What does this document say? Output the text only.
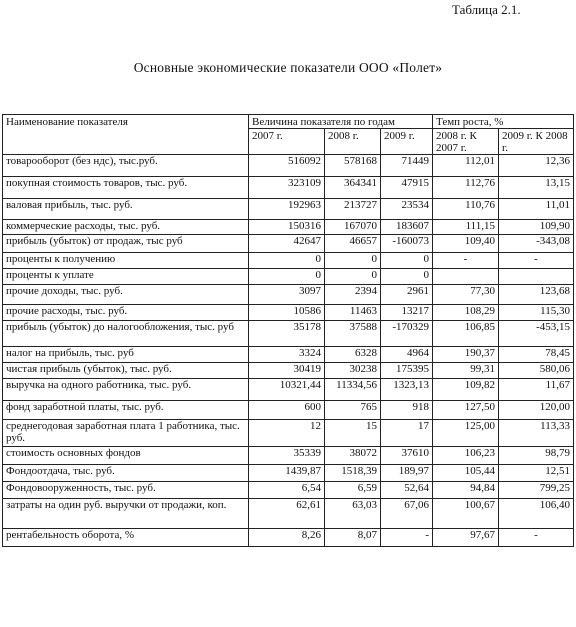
Таблица 2.1.
Основные экономические показатели ООО «Полет»
Наименование показателя	Величина показателя по годам			Темп роста, %	
	2007 г.	2008 г.	2009 г.	2008 г. К 2007 г.	2009 г. К 2008 г.
товарооборот (без ндс), тыс.руб.	516092	578168	71449	112,01	12,36
покупная стоимость товаров, тыс. руб.	323109	364341	47915	112,76	13,15
валовая прибыль, тыс. руб.	192963	213727	23534	110,76	11,01
коммерческие расходы, тыс. руб.	150316	167070	183607	111,15	109,90
прибыль (убыток) от продаж, тыс руб	42647	46657	-160073	109,40	-343,08
проценты к получению	0	0	0	-	-
проценты к уплате	0	0	0		
прочие доходы, тыс. руб.	3097	2394	2961	77,30	123,68
прочие расходы, тыс. руб.	10586	11463	13217	108,29	115,30
прибыль (убыток) до налогообложения, тыс. руб	35178	37588	-170329	106,85	-453,15
налог на прибыль, тыс. руб	3324	6328	4964	190,37	78,45
чистая прибыль (убыток), тыс. руб.	30419	30238	175395	99,31	580,06
выручка на одного работника, тыс. руб.	10321,44	11334,56	1323,13	109,82	11,67
фонд заработной платы, тыс. руб.	600	765	918	127,50	120,00
среднегодовая заработная плата 1 работника, тыс. руб.	12	15	17	125,00	113,33
стоимость основных фондов	35339	38072	37610	106,23	98,79
Фондоотдача, тыс. руб.	1439,87	1518,39	189,97	105,44	12,51
Фондовооруженность, тыс. руб.	6,54	6,59	52,64	94,84	799,25
затраты на один руб. выручки от продажи, коп.	62,61	63,03	67,06	100,67	106,40
рентабельность оборота, %	8,26	8,07	-	97,67	-
